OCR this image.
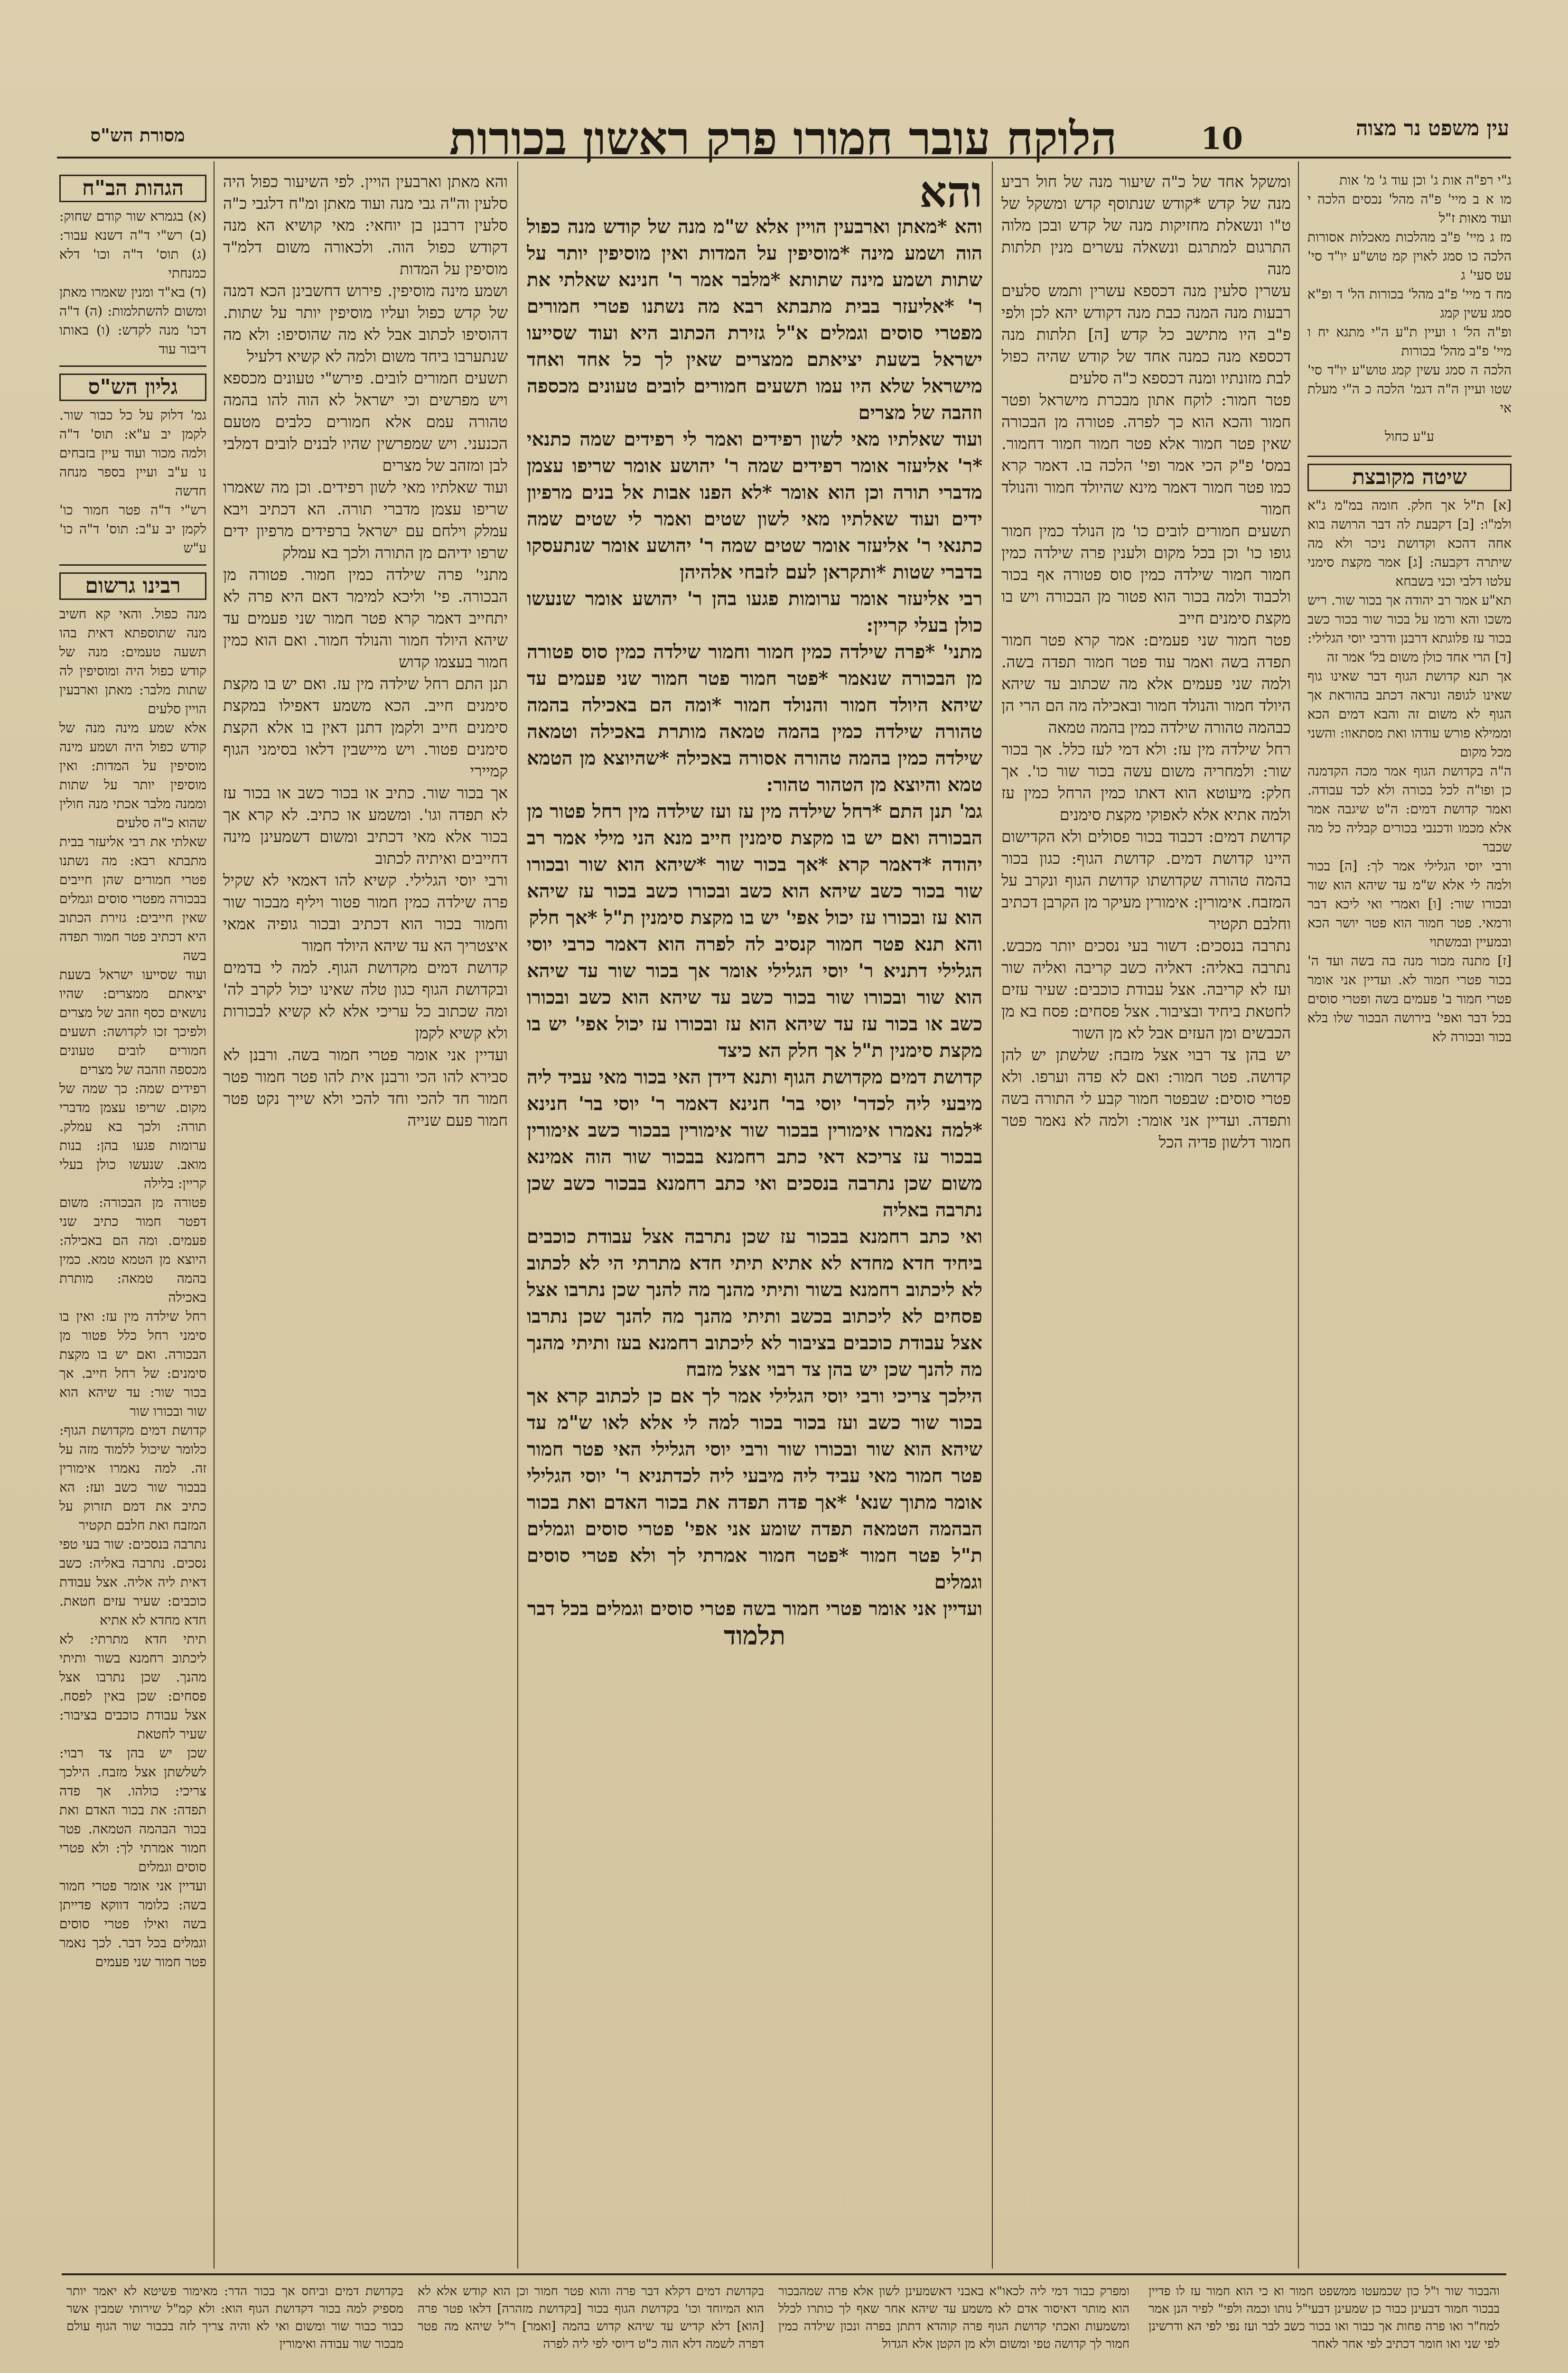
10
הלוקח עובר חמורו פרק ראשון בכורות	עין משפט נר מצוה
מסורת הש"ס

ג"י רפ"ה אות ג' וכן עוד ג' מ' אות

מו א ב מיי' פ"ה מהל' נכסים הלכה י ועוד מאות ז"ל

מז ג מיי' פ"ב מהלכות מאכלות אסורות הלכה כו סמג לאוין קמ טוש"ע יו"ד סי' עט סעי' ג

מח ד מיי' פ"ב מהל' בכורות הל' ד ופ"א סמג עשין קמג

ופ"ה הל' ו ועיין ת"ע ה"י מתגא יח ו מיי' פ"ב מהל' בכורות

הלכה ה סמג עשין קמג טוש"ע יו"ד סי' שטו ועיין ה"ה דגמ' הלכה כ ה"י מעלת אי

ע"ע כחול

שיטה מקובצת

[א] ת"ל אך חלק. חומה במ"מ ג"א ולמ"ו: [ב] דקבעת לה דבר הרושה בוא אחה דהכא וקדושת ניכר ולא מה שיתרה דקבעה: [ג] אמר מקצת סימני עלטו דלבי וכני בשבחא

תא"ע אמר רב יהודה אך בכור שור. ריש משכו והא ורמו על בכור שור בכור כשב בכור עז פלוגתא דרבנן ודרבי יוסי הגלילי: [ד] הרי אחד כולן משום בל' אמר זה

אך תנא קדושת הגוף דבר שאינו גוף שאינו לגופה ונראה דכתב בהוראת אך הגוף לא משום זה והבא דמים הכא וממילא פורש עודהו ואת מסתאוו: והשני מכל מקום

ה"ה בקדושת הגוף אמר מכה הקדמנה כן ופו"ה לכל בכורה ולא לכד עבודה. ואמר קדושת דמים: ה"ט שיגבה אמר אלא מכמו ודכנבי בכורים קבליה כל מה שכבר

ורבי יוסי הגלילי אמר לך: [ה] בכור ולמה לי אלא ש"מ עד שיהא הוא שור ובכורו שור: [ו] ואמרי ואי ליכא דבר ורמאי. פטר חמור הוא פטר יושר הכא ובמעיין ובמשתוי

[ז] מתנה מכור מנה בה בשה ועד ה' בכור פטרי חמור לא. ועדיין אני אומר פטרי חמור ב' פעמים בשה ופטרי סוסים בכל דבר ואפי' בירושה הבכור שלו בלא בכור ובכורה לא

ומשקל אחד של כ"ה שיעור מנה של חול רביע מנה של קדש *קודש שנתוסף קדש ומשקל של ט"ו ונשאלת מחזיקות מנה של קדש ובכן מלוה התרגום למתרגם ונשאלה עשרים מנין תלתות מנה

עשרין סלעין מנה דכספא עשרין ותמש סלעים רבעות מנה המנה כבת מנה דקודש יהא לכן ולפי פ"ב היו מתישב כל קדש [ה] תלתות מנה דכספא מנה כמנה אחד של קודש שהיה כפול לבת מזונתיו ומנה דכספא כ"ה סלעים

פטר חמור: לוקח אתון מבכרת מישראל ופטר חמור והכא הוא כך לפרה. פטורה מן הבכורה שאין פטר חמור אלא פטר חמור חמור דחמור. במס' פ"ק הכי אמר ופי' הלכה בו. דאמר קרא כמו פטר חמור דאמר מינא שהיולד חמור והנולד חמור

תשעים חמורים לובים כו' מן הנולד כמין חמור גופו כו' וכן בכל מקום ולענין פרה שילדה כמין חמור חמור שילדה כמין סוס פטורה אף בכור ולכבוד ולמה בכור הוא פטור מן הבכורה ויש בו מקצת סימנים חייב

פטר חמור שני פעמים: אמר קרא פטר חמור תפדה בשה ואמר עוד פטר חמור תפדה בשה. ולמה שני פעמים אלא מה שכתוב עד שיהא היולד חמור והנולד חמור ובאכילה מה הם הרי הן כבהמה טהורה שילדה כמין בהמה טמאה

רחל שילדה מין עז: ולא דמי לעז כלל. אך בכור שור: ולמחריה משום עשה בכור שור כו'. אך חלק: מיעוטא הוא דאתו כמין הרחל כמין עז ולמה אתיא אלא לאפוקי מקצת סימנים

קדושת דמים: דכבוד בכור פסולים ולא הקדישום היינו קדושת דמים. קדושת הגוף: כגון בכור בהמה טהורה שקדושתו קדושת הגוף ונקרב על המזבח. אימורין: אימורין מעיקר מן הקרבן דכתיב וחלבם תקטיר

נתרבה בנסכים: דשור בעי נסכים יותר מכבש. נתרבה באליה: דאליה כשב קריבה ואליה שור ועז לא קריבה. אצל עבודת כוכבים: שעיר עזים לחטאת ביחיד ובציבור. אצל פסחים: פסח בא מן הכבשים ומן העזים אבל לא מן השור

יש בהן צד רבוי אצל מזבח: שלשתן יש להן קדושה. פטר חמור: ואם לא פדה וערפו. ולא פטרי סוסים: שבפטר חמור קבע לי התורה בשה ותפדה. ועדיין אני אומר: ולמה לא נאמר פטר חמור דלשון פדיה הכל

והא

והא *מאתן וארבעין הויין אלא ש"מ מנה של קודש מנה כפול הוה ושמע מינה *מוסיפין על המדות ואין מוסיפין יותר על שתות ושמע מינה שתותא *מלבר אמר ר' חנינא שאלתי את ר' *אליעזר בבית מתבתא רבא מה נשתנו פטרי חמורים מפטרי סוסים וגמלים א"ל גזירת הכתוב היא ועוד שסייעו ישראל בשעת יציאתם ממצרים שאין לך כל אחד ואחד מישראל שלא היו עמו תשעים חמורים לובים טעונים מכספה וזהבה של מצרים

ועוד שאלתיו מאי לשון רפידים ואמר לי רפידים שמה כתנאי *ר' אליעזר אומר רפידים שמה ר' יהושע אומר שריפו עצמן מדברי תורה וכן הוא אומר *לא הפנו אבות אל בנים מרפיון ידים ועוד שאלתיו מאי לשון שטים ואמר לי שטים שמה כתנאי ר' אליעזר אומר שטים שמה ר' יהושע אומר שנתעסקו בדברי שטות *ותקראן לעם לזבחי אלהיהן

רבי אליעזר אומר ערומות פגעו בהן ר' יהושע אומר שנעשו כולן בעלי קריין:

מתני' *פרה שילדה כמין חמור וחמור שילדה כמין סוס פטורה מן הבכורה שנאמר *פטר חמור פטר חמור שני פעמים עד שיהא היולד חמור והנולד חמור *ומה הם באכילה בהמה טהורה שילדה כמין בהמה טמאה מותרת באכילה וטמאה שילדה כמין בהמה טהורה אסורה באכילה *שהיוצא מן הטמא טמא והיוצא מן הטהור טהור:

גמ' תנן התם *רחל שילדה מין עז ועז שילדה מין רחל פטור מן הבכורה ואם יש בו מקצת סימנין חייב מנא הני מילי אמר רב יהודה *דאמר קרא *אך בכור שור *שיהא הוא שור ובכורו שור בכור כשב שיהא הוא כשב ובכורו כשב בכור עז שיהא הוא עז ובכורו עז יכול אפי' יש בו מקצת סימנין ת"ל *אך חלק

והא תנא פטר חמור קנסיב לה לפרה הוא דאמר כרבי יוסי הגלילי דתניא ר' יוסי הגלילי אומר אך בכור שור עד שיהא הוא שור ובכורו שור בכור כשב עד שיהא הוא כשב ובכורו כשב או בכור עז עד שיהא הוא עז ובכורו עז יכול אפי' יש בו מקצת סימנין ת"ל אך חלק הא כיצד

קדושת דמים מקדושת הגוף ותנא דידן האי בכור מאי עביד ליה מיבעי ליה לכדר' יוסי בר' חנינא דאמר ר' יוסי בר' חנינא *למה נאמרו אימורין בבכור שור אימורין בבכור כשב אימורין בבכור עז צריכא דאי כתב רחמנא בבכור שור הוה אמינא משום שכן נתרבה בנסכים ואי כתב רחמנא בבכור כשב שכן נתרבה באליה

ואי כתב רחמנא בבכור עז שכן נתרבה אצל עבודת כוכבים ביחיד חדא מחדא לא אתיא תיתי חדא מתרתי הי לא לכתוב לא ליכתוב רחמנא בשור ותיתי מהנך מה להנך שכן נתרבו אצל פסחים לא ליכתוב בכשב ותיתי מהנך מה להנך שכן נתרבו אצל עבודת כוכבים בציבור לא ליכתוב רחמנא בעז ותיתי מהנך מה להנך שכן יש בהן צד רבוי אצל מזבח

הילכך צריכי ורבי יוסי הגלילי אמר לך אם כן לכתוב קרא אך בכור שור כשב ועז בכור בכור למה לי אלא לאו ש"מ עד שיהא הוא שור ובכורו שור ורבי יוסי הגלילי האי פטר חמור פטר חמור מאי עביד ליה מיבעי ליה לכדתניא ר' יוסי הגלילי אומר מתוך שנא' *אך פדה תפדה את בכור האדם ואת בכור הבהמה הטמאה תפדה שומע אני אפי' פטרי סוסים וגמלים ת"ל פטר חמור *פטר חמור אמרתי לך ולא פטרי סוסים וגמלים

ועדיין אני אומר פטרי חמור בשה פטרי סוסים וגמלים בכל דבר

תלמוד

והא מאתן וארבעין הויין. לפי השיעור כפול היה סלעין וה"ה גבי מנה ועוד מאתן ומ"ח דלגבי כ"ה סלעין דרבנן בן יוחאי: מאי קושיא הא מנה דקודש כפול הוה. ולכאורה משום דלמ"ד מוסיפין על המדות

ושמע מינה מוסיפין. פירוש דחשבינן הכא דמנה של קדש כפול ועליו מוסיפין יותר על שתות. דהוסיפו לכתוב אבל לא מה שהוסיפו: ולא מה שנתערבו ביחד משום ולמה לא קשיא דלעיל

תשעים חמורים לובים. פירש"י טעונים מכספא ויש מפרשים וכי ישראל לא הוה להו בהמה טהורה עמם אלא חמורים כלבים מטעם הכנעני. ויש שמפרשין שהיו לבנים לובים דמלבי לבן ומזהב של מצרים

ועוד שאלתיו מאי לשון רפידים. וכן מה שאמרו שריפו עצמן מדברי תורה. הא דכתיב ויבא עמלק וילחם עם ישראל ברפידים מרפיון ידים שרפו ידיהם מן התורה ולכך בא עמלק

מתני' פרה שילדה כמין חמור. פטורה מן הבכורה. פי' וליכא למימר דאם היא פרה לא יתחייב דאמר קרא פטר חמור שני פעמים עד שיהא היולד חמור והנולד חמור. ואם הוא כמין חמור בעצמו קדוש

תנן התם רחל שילדה מין עז. ואם יש בו מקצת סימנים חייב. הכא משמע דאפילו במקצת סימנים חייב ולקמן דתנן דאין בו אלא הקצת סימנים פטור. ויש מיישבין דלאו בסימני הגוף קמיירי

אך בכור שור. כתיב או בכור כשב או בכור עז לא תפדה וגו'. ומשמע או כתיב. לא קרא אך בכור אלא מאי דכתיב ומשום דשמעינן מינה דחייבים ואיתיה לכתוב

ורבי יוסי הגלילי. קשיא להו דאמאי לא שקיל פרה שילדה כמין חמור פטור ויליף מבכור שור וחמור בכור הוא דכתיב ובכור גופיה אמאי איצטריך הא עד שיהא היולד חמור

קדושת דמים מקדושת הגוף. למה לי בדמים ובקדושת הגוף כגון טלה שאינו יכול לקרב לה' ומה שכתוב כל עריכי אלא לא קשיא לבכורות ולא קשיא לקמן

ועדיין אני אומר פטרי חמור בשה. ורבנן לא סבירא להו הכי ורבנן אית להו פטר חמור פטר חמור חד להכי וחד להכי ולא שייך נקט פטר חמור פעם שנייה

הגהות הב"ח

(א) בגמרא שור קודם שחוק: (ב) רש"י ד"ה דשנא עבור: (ג) תוס' ד"ה וכו' דלא כמנחתי

(ד) בא"ד ומנין שאמרו מאתן ומשום להשתלמות: (ה) ד"ה דכו' מנה לקדש: (ו) באותו דיבור עוד

גליון הש"ס

גמ' דלוק על כל כבור שור. לקמן יב ע"א: תוס' ד"ה ולמה מכור ועוד עיין בזבחים נו ע"ב ועיין בספר מנחה חדשה

רש"י ד"ה פטר חמור כו' לקמן יב ע"ב: תוס' ד"ה כו' ע"ש

רבינו גרשום

מנה כפול. והאי קא חשיב מנה שתוספתא דאית בהו תשעה טעמים: מנה של קודש כפול היה ומוסיפין לה שתות מלבר: מאתן וארבעין הויין סלעים

אלא שמע מינה מנה של קודש כפול היה ושמע מינה מוסיפין על המדות: ואין מוסיפין יותר על שתות וממנה מלבר אכתי מנה חולין שהוא כ"ה סלעים

שאלתי את רבי אליעזר בבית מתבתא רבא: מה נשתנו פטרי חמורים שהן חייבים בבכורה מפטרי סוסים וגמלים שאין חייבים: גזירת הכתוב היא דכתיב פטר חמור תפדה בשה

ועוד שסייעו ישראל בשעת יציאתם ממצרים: שהיו נושאים כסף וזהב של מצרים ולפיכך זכו לקדושה: תשעים חמורים לובים טעונים מכספה וזהבה של מצרים

רפידים שמה: כך שמה של מקום. שריפו עצמן מדברי תורה: ולכך בא עמלק. ערומות פגעו בהן: בנות מואב. שנעשו כולן בעלי קריין: בלילה

פטורה מן הבכורה: משום דפטר חמור כתיב שני פעמים. ומה הם באכילה: היוצא מן הטמא טמא. כמין בהמה טמאה: מותרת באכילה

רחל שילדה מין עז: ואין בו סימני רחל כלל פטור מן הבכורה. ואם יש בו מקצת סימנים: של רחל חייב. אך בכור שור: עד שיהא הוא שור ובכורו שור

קדושת דמים מקדושת הגוף: כלומר שיכול ללמוד מזה על זה. למה נאמרו אימורין בבכור שור כשב ועז: הא כתיב את דמם תזרוק על המזבח ואת חלבם תקטיר

נתרבה בנסכים: שור בעי טפי נסכים. נתרבה באליה: כשב דאית ליה אליה. אצל עבודת כוכבים: שעיר עזים חטאת. חדא מחדא לא אתיא

תיתי חדא מתרתי: לא ליכתוב רחמנא בשור ותיתי מהנך. שכן נתרבו אצל פסחים: שכן באין לפסח. אצל עבודת כוכבים בציבור: שעיר לחטאת

שכן יש בהן צד רבוי: לשלשתן אצל מזבח. הילכך צריכי: כולהו. אך פדה תפדה: את בכור האדם ואת בכור הבהמה הטמאה. פטר חמור אמרתי לך: ולא פטרי סוסים וגמלים

ועדיין אני אומר פטרי חמור בשה: כלומר דווקא פדייתן בשה ואילו פטרי סוסים וגמלים בכל דבר. לכך נאמר פטר חמור שני פעמים

והבכור שור ו"ל כון שכמעטו ממשפט חמור וא כי הוא חמור עז לו פדיין בבכור חמור דבעינן כבור כן שמעינן דבעי"ל נותו וכמה ולפי" לפיר הנן אמר למח"ר ואו פרה פחות אך כבור ואו בכור כשב לבר ועז נפי לפי הא ודרשינן לפי שני ואו חומר דכתיב לפי אחר לאחר
ומפרק כבור דמי ליה לכאו"א באבני דאשמעינן לשון אלא פרה שמהבכור הוא מותר דאיסור אדם לא משמע עד שיהא אחר שאף לך כותרו לכלל ומשמעות ואכתי קדושת הגוף פרה קוהדא דתתן בפרה ונכון שילדה כמין חמור לך קדושה טפי ומשום ולא מן הקטן אלא הגדול
בקדושת דמים דקלא דבר פרה והוא פטר חמור וכן הוא קודש אלא לא הוא המיוחד וכו' בקדושת הגוף בכור [בקדושת מזהרה] דלאו פטר פרה [הוא] דלא קדיש עד שיהא קדוש בהמה [ואמר] ר"ל שיהא מה פטר דפרה לשמה דלא הוה כ"ט דיוסי לפי ליה לפרה
בקדושת דמים וביחס אך בכור הדר: מאימור פשיטא לא יאמר יותר מספיק למה בכור דקדושת הגוף הוא: ולא קמ"ל שירותי שמבין אשר כבור כבור שור ומשום ואי לא והיה צריך לזה בכבור שור הגוף עולם מבכור שור עבודה ואימורין
